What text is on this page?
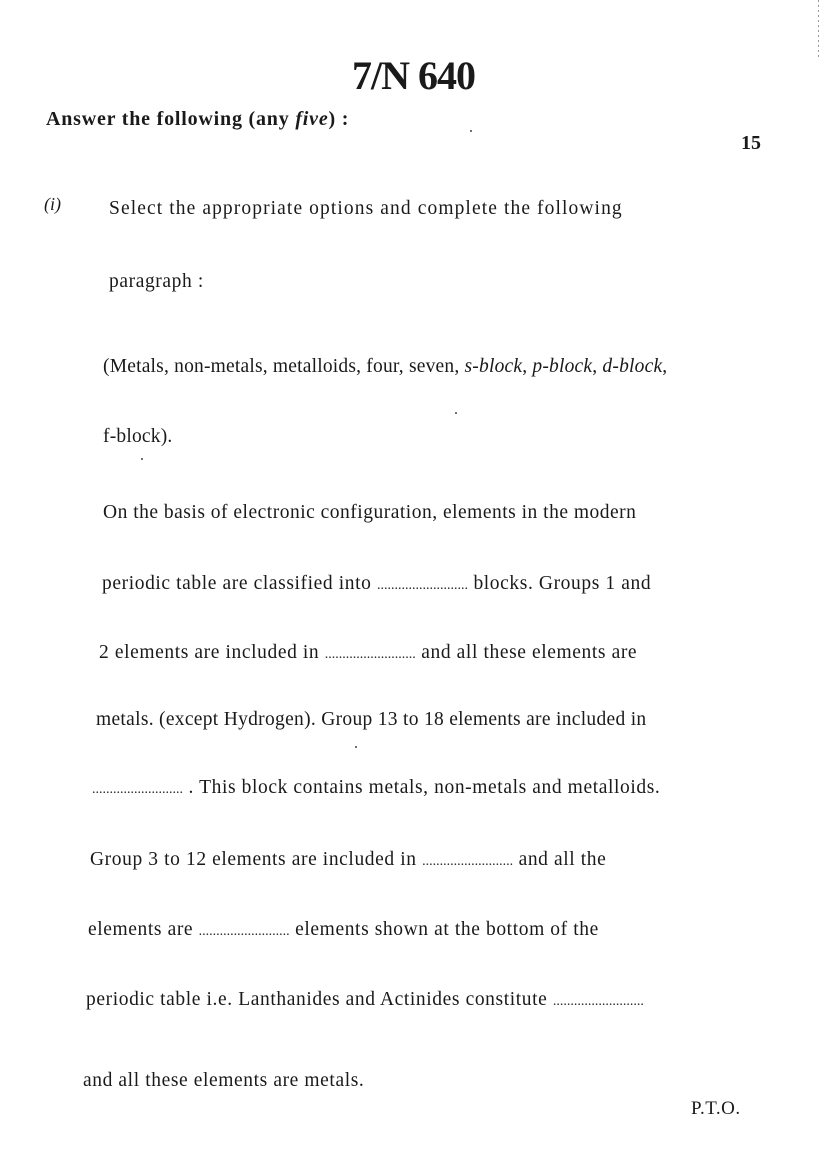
7/N 640
Answer the following (any five) :
15
(i) Select the appropriate options and complete the following
paragraph :
(Metals, non-metals, metalloids, four, seven, s-block, p-block, d-block,
f-block).
On the basis of electronic configuration, elements in the modern
periodic table are classified into .......................... blocks. Groups 1 and
2 elements are included in .......................... and all these elements are
metals. (except Hydrogen). Group 13 to 18 elements are included in
.......................... . This block contains metals, non-metals and metalloids.
Group 3 to 12 elements are included in .......................... and all the
elements are .......................... elements shown at the bottom of the
periodic table i.e. Lanthanides and Actinides constitute ..........................
and all these elements are metals.
P.T.O.
